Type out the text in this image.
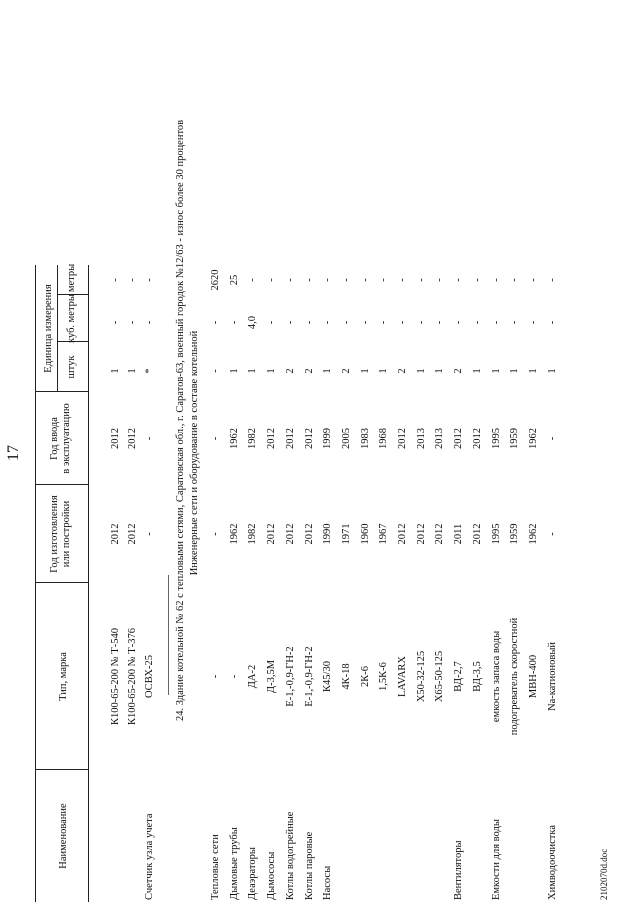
17
2102070d.doc
Наименование
Тип, марка
Год изготовления или постройки
Год ввода в эксплуатацию
Единица измерения штук
куб. метры
метры
К100-65-200 № Т-540
2012
2012
1
-
-
К100-65-200 № Т-376
2012
2012
1
-
-
Счетчик узла учета
ОСВХ-25
-
-
*
-
- 24. Здание котельной № 62 с тепловыми сетями, Саратовская обл., г. Саратов-63, военный городок №12/63 - износ более 30 процентов Инженерные сети и оборудование в составе котельной
Тепловые сети
-
-
-
-
-
2620
Дымовые трубы
-
1962
1962
1
-
25
Деаэраторы
ДА-2
1982
1982
1
4,0
-
Дымососы
Д-3,5М
2012
2012
1
-
-
Котлы водогрейные
Е-1,-0,9-ГН-2
2012
2012
2
-
-
Котлы паровые
Е-1,-0,9-ГН-2
2012
2012
2
-
-
Насосы
К45/30
1990
1999
1
-
-
4К-18
1971
2005
2
-
-
2К-6
1960
1983
1
-
-
1,5К-6
1967
1968
1
-
-
LAVARX
2012
2012
2
-
-
X50-32-125
2012
2013
1
-
-
X65-50-125
2012
2013
1
-
-
Вентиляторы
ВД-2,7
2011
2012
2
-
-
ВД-3,5
2012
2012
1
-
-
Емкости для воды
емкость запаса воды
1995
1995
1
-
-
подогреватель скоростной
1959
1959
1
-
-
МВН-400
1962
1962
1
-
-
Химводоочистка
Na-катионовый
-
-
1
-
-
